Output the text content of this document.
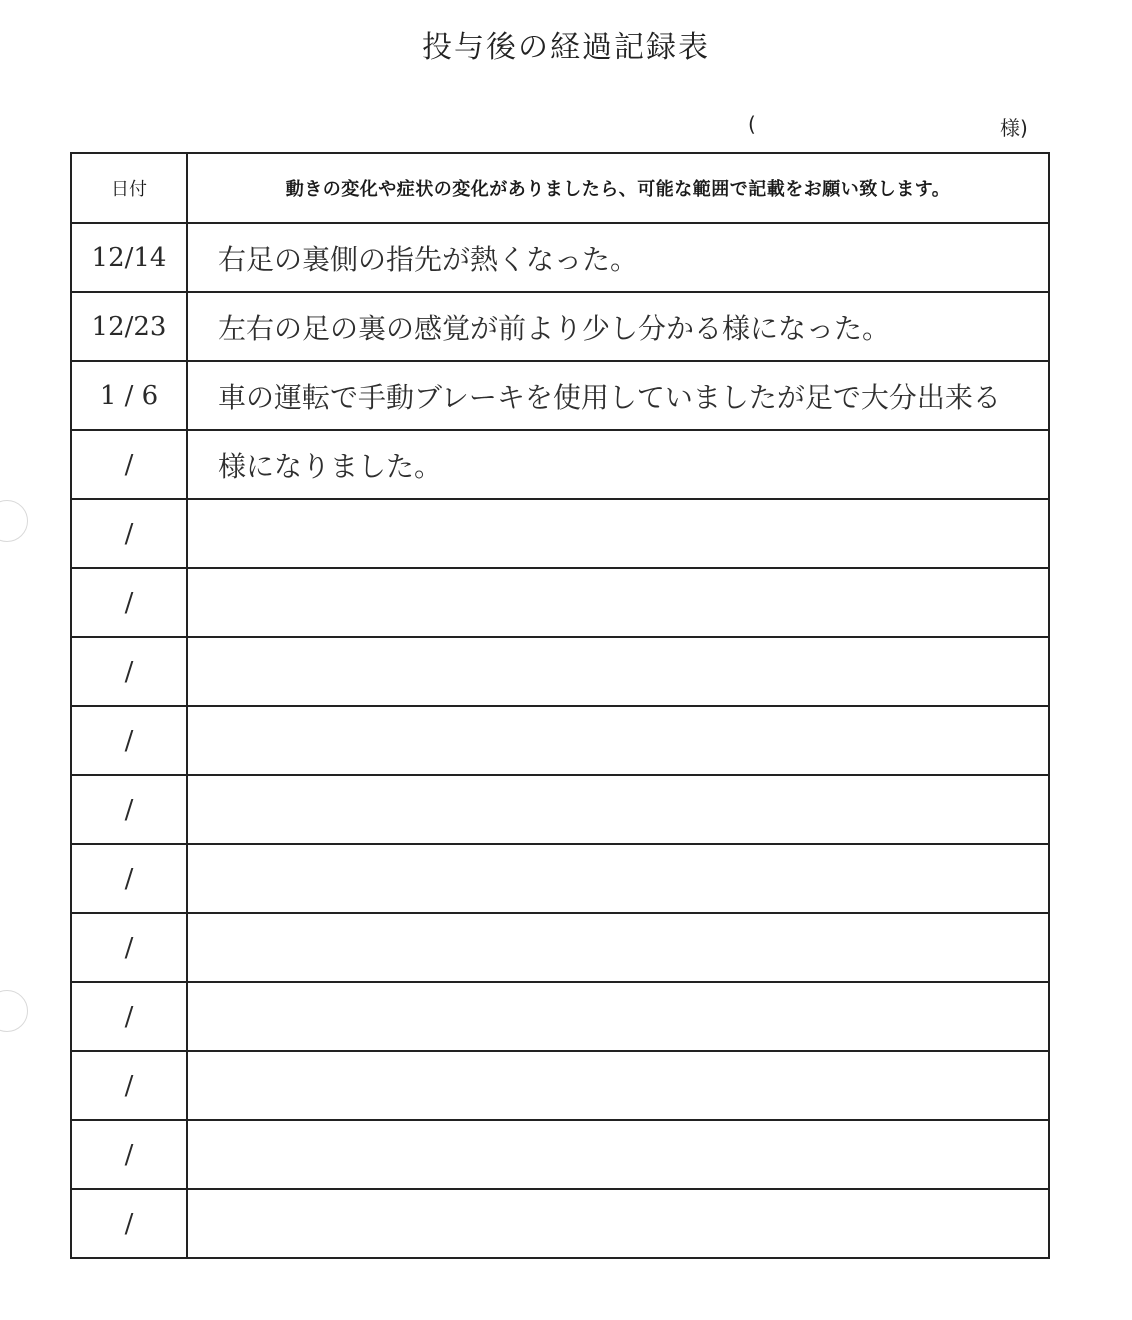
投与後の経過記録表
(	様)
日付	動きの変化や症状の変化がありましたら、可能な範囲で記載をお願い致します。
12/14	右足の裏側の指先が熱くなった。
12/23	左右の足の裏の感覚が前より少し分かる様になった。
1 / 6	車の運転で手動ブレーキを使用していましたが足で大分出来る
/	様になりました。
/	
/	
/	
/	
/	
/	
/	
/	
/	
/	
/	
